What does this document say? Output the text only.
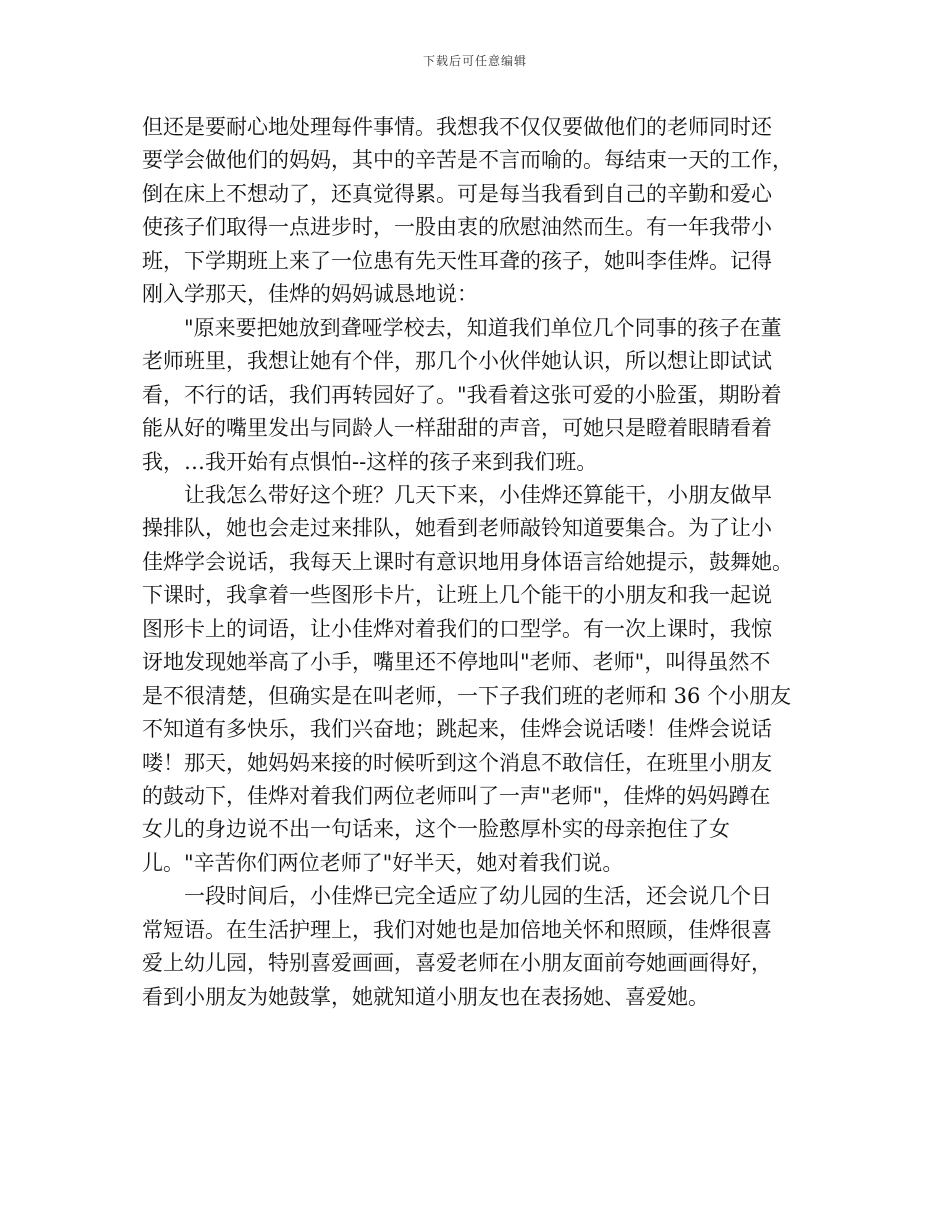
下载后可任意编辑
但还是要耐心地处理每件事情。我想我不仅仅要做他们的老师同时还
要学会做他们的妈妈，其中的辛苦是不言而喻的。每结束一天的工作，
倒在床上不想动了，还真觉得累。可是每当我看到自己的辛勤和爱心
使孩子们取得一点进步时，一股由衷的欣慰油然而生。有一年我带小
班，下学期班上来了一位患有先天性耳聋的孩子，她叫李佳烨。记得
刚入学那天，佳烨的妈妈诚恳地说：
　　"原来要把她放到聋哑学校去，知道我们单位几个同事的孩子在董
老师班里，我想让她有个伴，那几个小伙伴她认识，所以想让即试试
看，不行的话，我们再转园好了。"我看着这张可爱的小脸蛋，期盼着
能从好的嘴里发出与同龄人一样甜甜的声音，可她只是瞪着眼睛看着
我，…我开始有点惧怕--这样的孩子来到我们班。
　　让我怎么带好这个班？几天下来，小佳烨还算能干，小朋友做早
操排队，她也会走过来排队，她看到老师敲铃知道要集合。为了让小
佳烨学会说话，我每天上课时有意识地用身体语言给她提示，鼓舞她。
下课时，我拿着一些图形卡片，让班上几个能干的小朋友和我一起说
图形卡上的词语，让小佳烨对着我们的口型学。有一次上课时，我惊
讶地发现她举高了小手，嘴里还不停地叫"老师、老师"，叫得虽然不
是不很清楚，但确实是在叫老师，一下子我们班的老师和 36 个小朋友
不知道有多快乐，我们兴奋地；跳起来，佳烨会说话喽！佳烨会说话
喽！那天，她妈妈来接的时候听到这个消息不敢信任，在班里小朋友
的鼓动下，佳烨对着我们两位老师叫了一声"老师"，佳烨的妈妈蹲在
女儿的身边说不出一句话来，这个一脸憨厚朴实的母亲抱住了女
儿。"辛苦你们两位老师了"好半天，她对着我们说。
　　一段时间后，小佳烨已完全适应了幼儿园的生活，还会说几个日
常短语。在生活护理上，我们对她也是加倍地关怀和照顾，佳烨很喜
爱上幼儿园，特别喜爱画画，喜爱老师在小朋友面前夸她画画得好，
看到小朋友为她鼓掌，她就知道小朋友也在表扬她、喜爱她。
